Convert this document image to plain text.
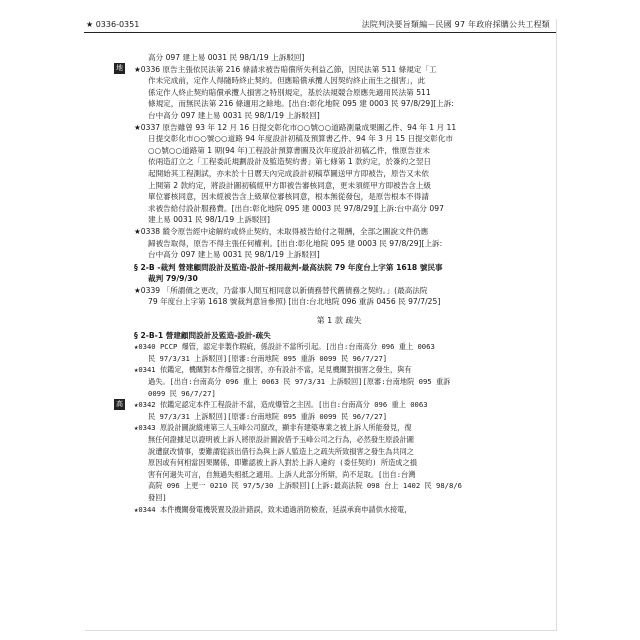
★ 0336-0351	法院判決要旨類編－民國 97 年政府採購公共工程類
地
高
高分 097 建上易 0031 民 98/1/19 上訴駁回]
★0336 原告主張依民法第 216 條請求被告賠償所失利益乙節，因民法第 511 條規定「工
作未完成前，定作人得隨時終止契約。但應賠償承攬人因契約終止而生之損害」，此
係定作人終止契約賠償承攬人損害之特別規定，基於法規競合原應先適用民法第 511
條規定，而無民法第 216 條適用之餘地。[出自:彰化地院 095 建 0003 民 97/8/29][上訴:
台中高分 097 建上易 0031 民 98/1/19 上訴駁回]
★0337 原告雖曾 93 年 12 月 16 日提交彰化市○○號○○道路測量成果圖乙件、94 年 1 月 11
日提交彰化市○○號○○道路 94 年度設計初稿及預算書乙件、94 年 3 月 15 日提交彰化市
○○號○○道路第 1 期(94 年)工程設計預算書圖及次年度設計初稿乙件，惟原告並未
依兩造訂立之「工程委託規劃設計及監造契約書」第七條第 1 款約定，於簽約之翌日
起開始其工程測試，亦未於十日曆天內完成設計初稿草圖送甲方即被告，原告又未依
上開第 2 款約定，將設計圖初稿經甲方即被告審核同意，更未須經甲方即被告含上級
單位審核同意，因未經被告含上級單位審核同意，根本無從發包，是原告根本不得請
求被告給付設計服務費。[出自:彰化地院 095 建 0003 民 97/8/29][上訴:台中高分 097
建上易 0031 民 98/1/19 上訴駁回]
★0338 縱令原告經中途解約或終止契約，未取得被告給付之報酬，全部之圖說文件仍應
歸被告取得，原告不得主張任何權利。[出自:彰化地院 095 建 0003 民 97/8/29][上訴:
台中高分 097 建上易 0031 民 98/1/19 上訴駁回]
§ 2-B -裁判 營建顧問設計及監造-設計-採用裁判-最高法院 79 年度台上字第 1618 號民事
裁判 79/9/30
★0339 「所謂債之更改，乃當事人間互相同意以新債務替代舊債務之契約。」(最高法院
79 年度台上字第 1618 號裁判意旨參照) [出自:台北地院 096 重訴 0456 民 97/7/25]
第 1 款 疏失
§ 2-B-1 營建顧問設計及監造-設計-疏失
★0340 PCCP 爆管，認定非製作瑕疵，係設計不當所引起。[出自:台南高分 096 重上 0063
民 97/3/31 上訴駁回][原審:台南地院 095 重訴 0099 民 96/7/27]
★0341 依鑑定，機關對本件爆管之損害，亦有設計不當，足見機關對損害之發生，與有
過失。[出自:台南高分 096 重上 0063 民 97/3/31 上訴駁回][原審:台南地院 095 重訴
0099 民 96/7/27]
★0342 依鑑定認定本件工程設計不當，造成爆管之主因。[出自:台南高分 096 重上 0063
民 97/3/31 上訴駁回][原審:台南地院 095 重訴 0099 民 96/7/27]
★0343 原設計圖說縱連第三人玉峰公司竄改，顯非有建築專業之被上訴人所能發見，復
無任何證據足以證明被上訴人將原設計圖說借予玉峰公司之行為，必然發生原設計圖
說遭竄改情事，要難謂從該出借行為與上訴人監造上之疏失所致損害之發生為共同之
原因或有何相當因果關係，即難認被上訴人對於上訴人違約 (委任契約) 所造成之損
害有何過失可言，自無過失相抵之適用。上訴人此部分所辯，尚不足取。[出自:台灣
高院 096 上更一 0210 民 97/5/30 上訴駁回][上訴:最高法院 098 台上 1402 民 98/8/6
發回]
★0344 本件機關發電機裝置及設計錯誤，致未通過消防檢查，延誤承商申請供水接電，
